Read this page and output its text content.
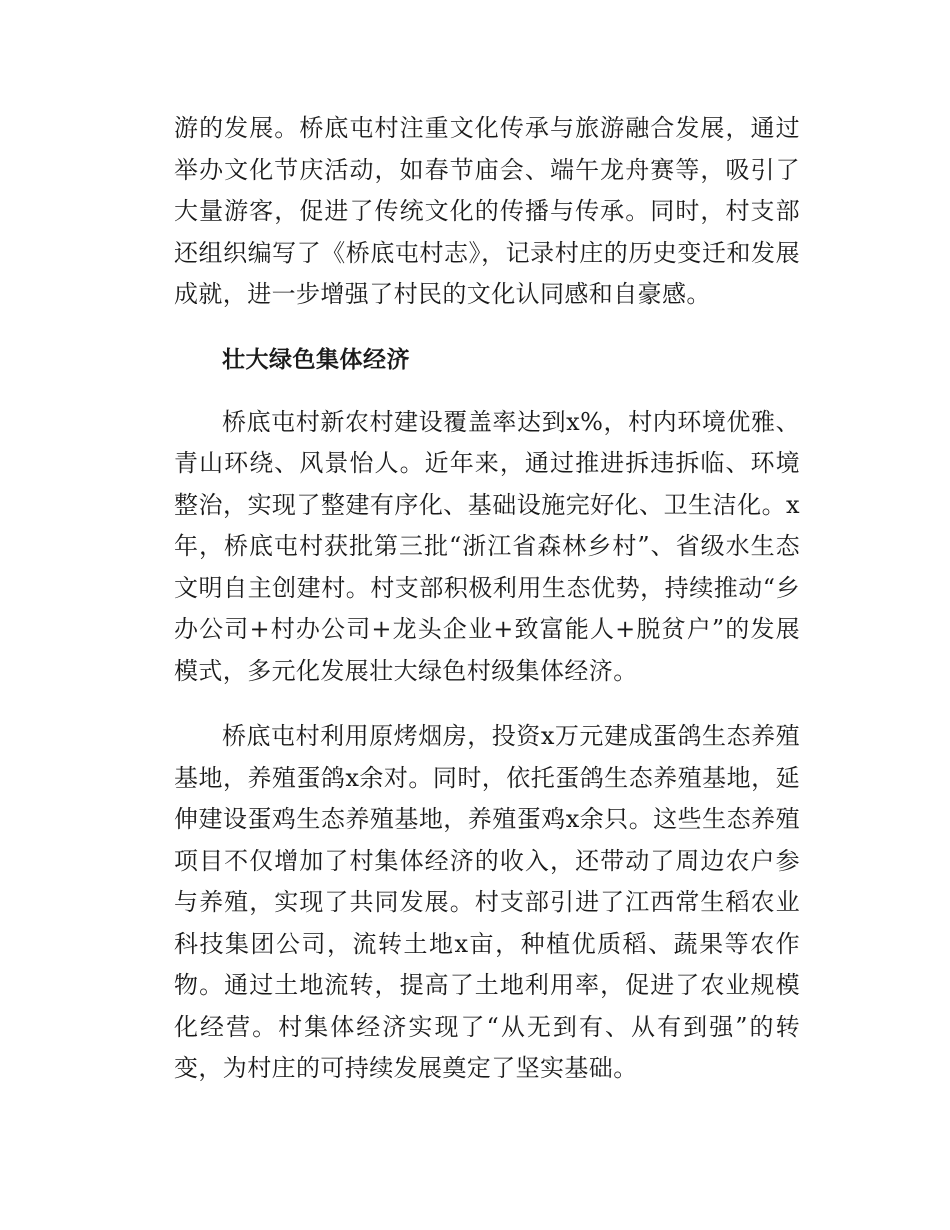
游的发展。桥底屯村注重文化传承与旅游融合发展，通过举办文化节庆活动，如春节庙会、端午龙舟赛等，吸引了大量游客，促进了传统文化的传播与传承。同时，村支部还组织编写了《桥底屯村志》，记录村庄的历史变迁和发展成就，进一步增强了村民的文化认同感和自豪感。

壮大绿色集体经济

桥底屯村新农村建设覆盖率达到x%，村内环境优雅、青山环绕、风景怡人。近年来，通过推进拆违拆临、环境整治，实现了整建有序化、基础设施完好化、卫生洁化。x年，桥底屯村获批第三批“浙江省森林乡村”、省级水生态文明自主创建村。村支部积极利用生态优势，持续推动“乡办公司+村办公司+龙头企业+致富能人+脱贫户”的发展模式，多元化发展壮大绿色村级集体经济。

桥底屯村利用原烤烟房，投资x万元建成蛋鸽生态养殖基地，养殖蛋鸽x余对。同时，依托蛋鸽生态养殖基地，延伸建设蛋鸡生态养殖基地，养殖蛋鸡x余只。这些生态养殖项目不仅增加了村集体经济的收入，还带动了周边农户参与养殖，实现了共同发展。村支部引进了江西常生稻农业科技集团公司，流转土地x亩，种植优质稻、蔬果等农作物。通过土地流转，提高了土地利用率，促进了农业规模化经营。村集体经济实现了“从无到有、从有到强”的转变，为村庄的可持续发展奠定了坚实基础。
